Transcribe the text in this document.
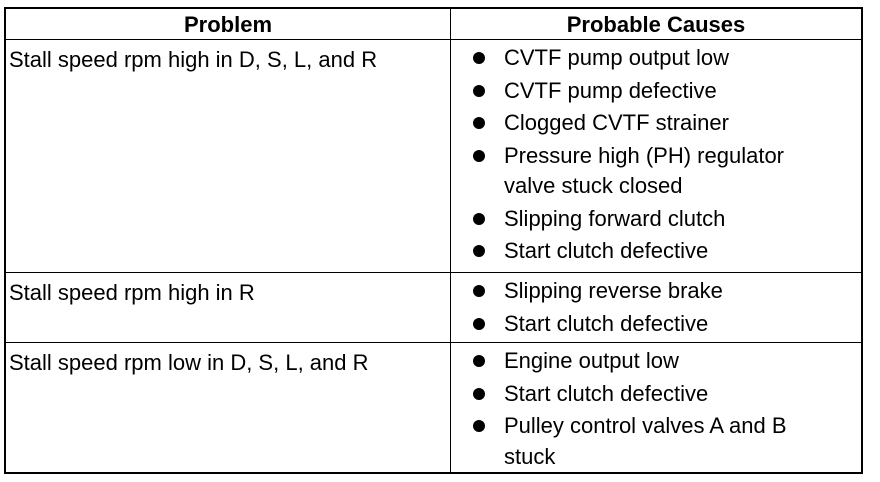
Problem	Probable Causes
Stall speed rpm high in D, S, L, and R	CVTF pump output low
CVTF pump defective
Clogged CVTF strainer
Pressure high (PH) regulator valve stuck closed
Slipping forward clutch
Start clutch defective
Stall speed rpm high in R	Slipping reverse brake
Start clutch defective
Stall speed rpm low in D, S, L, and R	Engine output low
Start clutch defective
Pulley control valves A and B stuck
